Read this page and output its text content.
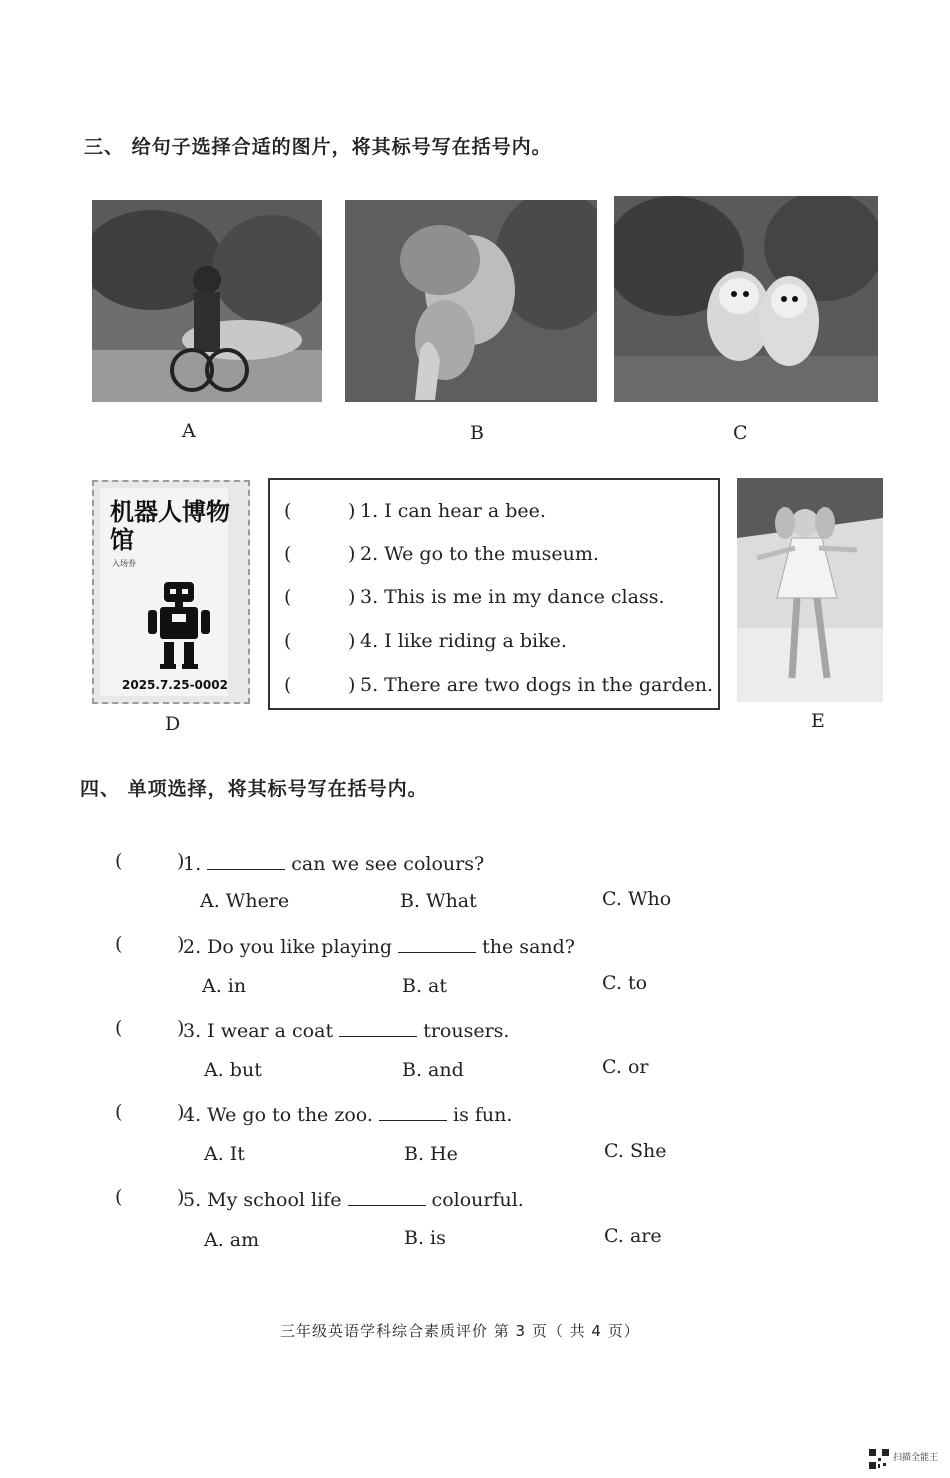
三、 给句子选择合适的图片，将其标号写在括号内。
A	B	C
机器人博物馆
入场券
2025.7.25-0002
D
(	) 1. I can hear a bee.
(	) 2. We go to the museum.
(	) 3. This is me in my dance class.
(	) 4. I like riding a bike.
(	) 5. There are two dogs in the garden.
E
四、 单项选择，将其标号写在括号内。
(	)
1.	can we see colours?
A. Where	B. What	C. Who
(	)
2. Do you like playing	the sand?
A. in	B. at	C. to
(	)
3. I wear a coat	trousers.
A. but	B. and	C. or
(	)
4. We go to the zoo.	is fun.
A. It	B. He	C. She
(	)
5. My school life	colourful.
A. am	B. is	C. are
三年级英语学科综合素质评价 第 3 页（ 共 4 页）
扫描全能王
